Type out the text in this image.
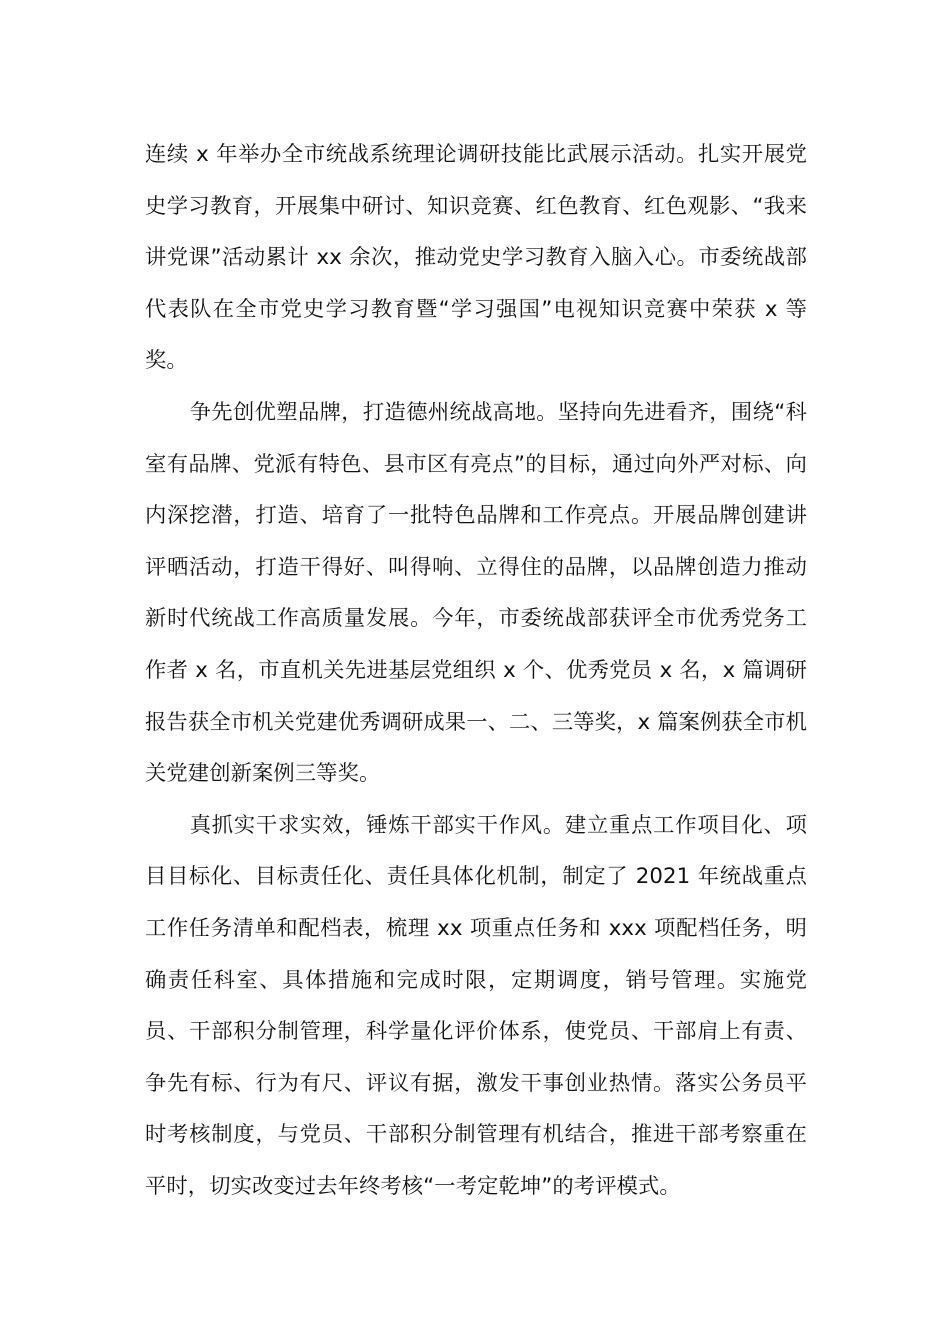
连续 x 年举办全市统战系统理论调研技能比武展示活动。扎实开展党史学习教育，开展集中研讨、知识竞赛、红色教育、红色观影、“我来讲党课”活动累计 xx 余次，推动党史学习教育入脑入心。市委统战部代表队在全市党史学习教育暨“学习强国”电视知识竞赛中荣获 x 等奖。

争先创优塑品牌，打造德州统战高地。坚持向先进看齐，围绕“科室有品牌、党派有特色、县市区有亮点”的目标，通过向外严对标、向内深挖潜，打造、培育了一批特色品牌和工作亮点。开展品牌创建讲评晒活动，打造干得好、叫得响、立得住的品牌，以品牌创造力推动新时代统战工作高质量发展。今年，市委统战部获评全市优秀党务工作者 x 名，市直机关先进基层党组织 x 个、优秀党员 x 名，x 篇调研报告获全市机关党建优秀调研成果一、二、三等奖，x 篇案例获全市机关党建创新案例三等奖。

真抓实干求实效，锤炼干部实干作风。建立重点工作项目化、项目目标化、目标责任化、责任具体化机制，制定了 2021 年统战重点工作任务清单和配档表，梳理 xx 项重点任务和 xxx 项配档任务，明确责任科室、具体措施和完成时限，定期调度，销号管理。实施党员、干部积分制管理，科学量化评价体系，使党员、干部肩上有责、争先有标、行为有尺、评议有据，激发干事创业热情。落实公务员平时考核制度，与党员、干部积分制管理有机结合，推进干部考察重在平时，切实改变过去年终考核“一考定乾坤”的考评模式。
